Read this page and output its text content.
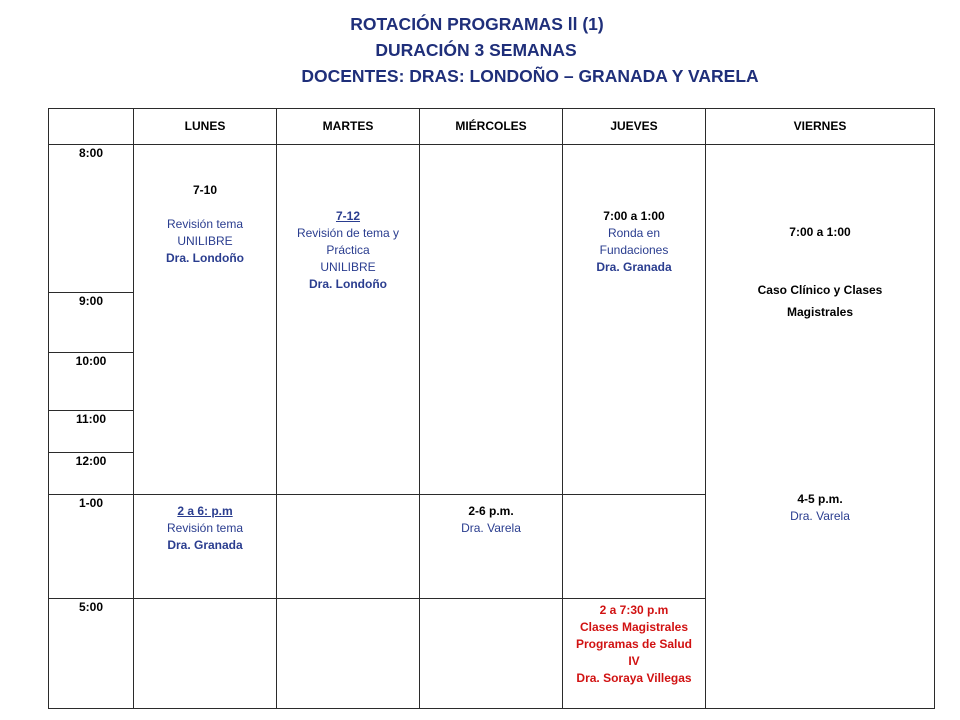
ROTACIÓN PROGRAMAS ll (1)
DURACIÓN 3 SEMANAS
DOCENTES: DRAS: LONDOÑO – GRANADA Y VARELA
	LUNES	MARTES	MIÉRCOLES	JUEVES	VIERNES
8:00	7-10
Revisión tema
UNILIBRE
Dra. Londoño	7-12
Revisión de tema y
Práctica
UNILIBRE
Dra. Londoño		7:00 a 1:00
Ronda en
Fundaciones
Dra. Granada	7:00 a 1:00
Caso Clínico y Clases
Magistrales
4-5 p.m.
Dra. Varela

9:00					
10:00					
11:00					
12:00					
1-00	2 a 6: p.m
Revisión tema
Dra. Granada		2-6 p.m.
Dra. Varela		

5:00				2 a 7:30 p.m
Clases Magistrales
Programas de Salud
IV
Dra. Soraya Villegas	
